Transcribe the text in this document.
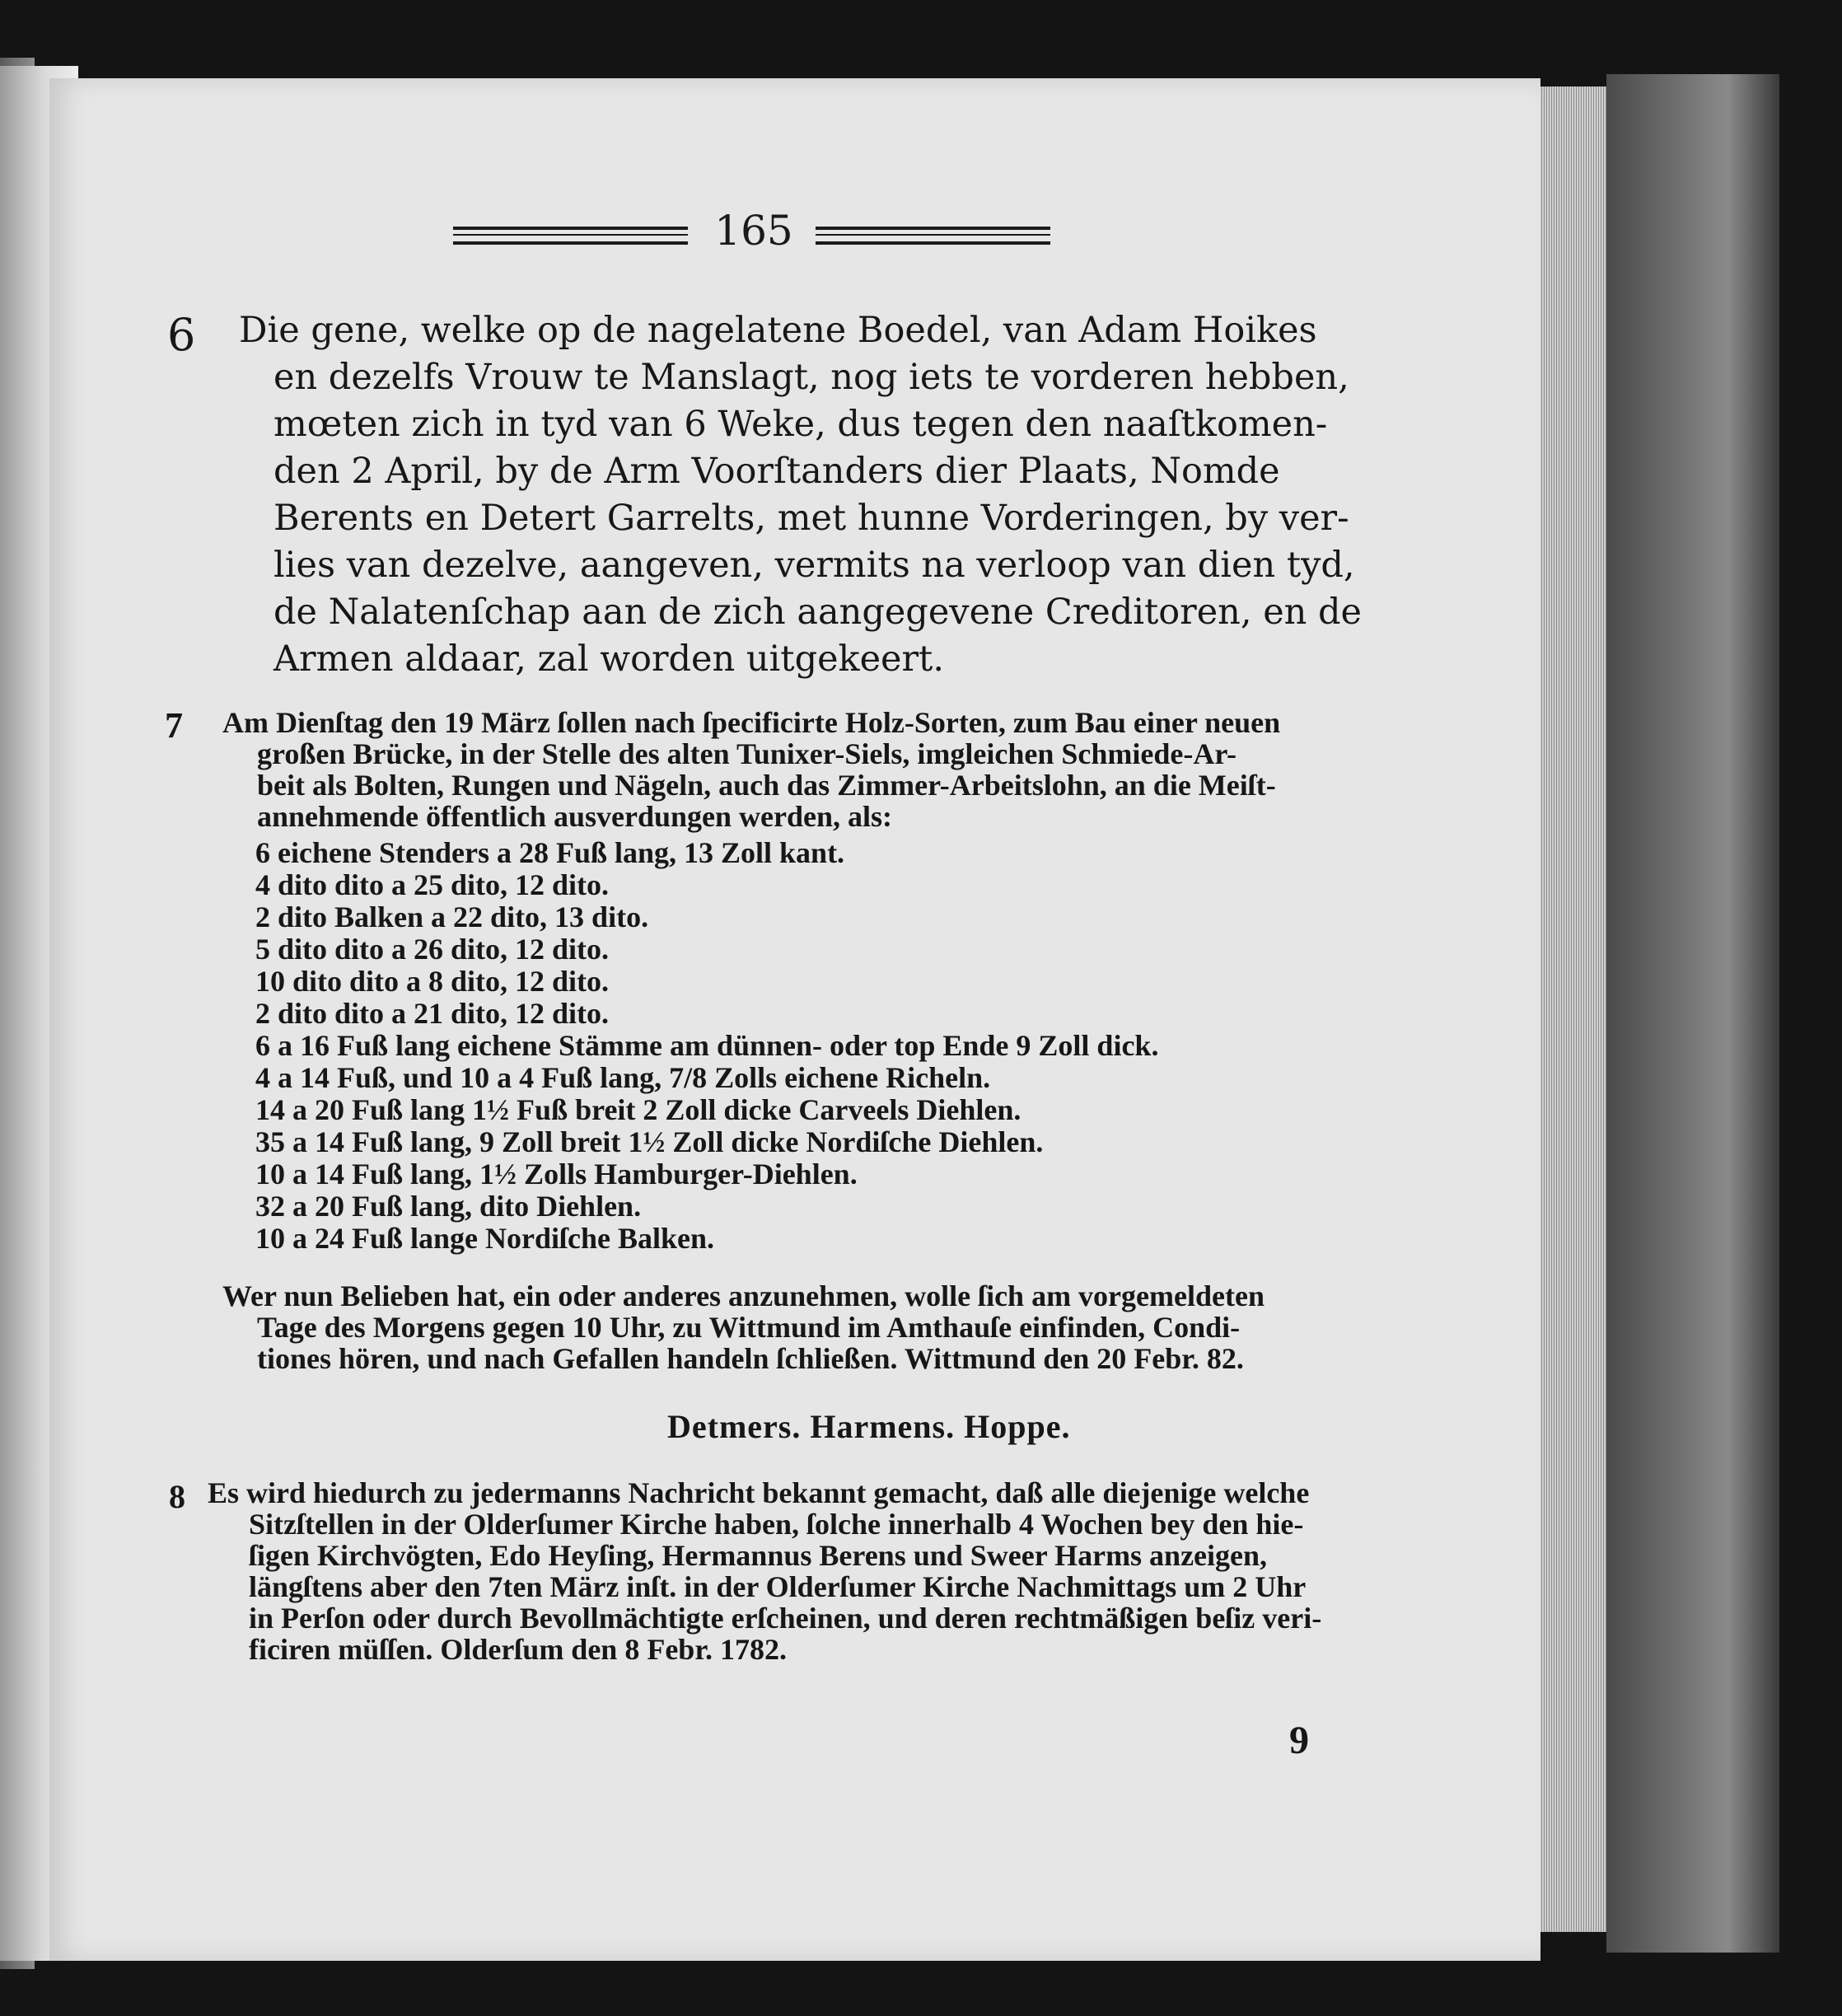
165
6 Die gene, welke op de nagelatene Boedel, van Adam Hoikes
en dezelfs Vrouw te Manslagt, nog iets te vorderen hebben,
mœten zich in tyd van 6 Weke, dus tegen den naaſtkomen-
den 2 April, by de Arm Voorſtanders dier Plaats, Nomde
Berents en Detert Garrelts, met hunne Vorderingen, by ver-
lies van dezelve, aangeven, vermits na verloop van dien tyd,
de Nalatenſchap aan de zich aangegevene Creditoren, en de
Armen aldaar, zal worden uitgekeert.
7 Am Dienſtag den 19 März ſollen nach ſpecificirte Holz-Sorten, zum Bau einer neuen
großen Brücke, in der Stelle des alten Tunixer-Siels, imgleichen Schmiede-Ar-
beit als Bolten, Rungen und Nägeln, auch das Zimmer-Arbeitslohn, an die Meiſt-
annehmende öffentlich ausverdungen werden, als:
6 eichene Stenders a 28 Fuß lang, 13 Zoll kant.
4 dito dito a 25 dito, 12 dito.
2 dito Balken a 22 dito, 13 dito.
5 dito dito a 26 dito, 12 dito.
10 dito dito a 8 dito, 12 dito.
2 dito dito a 21 dito, 12 dito.
6 a 16 Fuß lang eichene Stämme am dünnen- oder top Ende 9 Zoll dick.
4 a 14 Fuß, und 10 a 4 Fuß lang, 7/8 Zolls eichene Richeln.
14 a 20 Fuß lang 1½ Fuß breit 2 Zoll dicke Carveels Diehlen.
35 a 14 Fuß lang, 9 Zoll breit 1½ Zoll dicke Nordiſche Diehlen.
10 a 14 Fuß lang, 1½ Zolls Hamburger-Diehlen.
32 a 20 Fuß lang, dito Diehlen.
10 a 24 Fuß lange Nordiſche Balken.
Wer nun Belieben hat, ein oder anderes anzunehmen, wolle ſich am vorgemeldeten
Tage des Morgens gegen 10 Uhr, zu Wittmund im Amthauſe einfinden, Condi-
tiones hören, und nach Gefallen handeln ſchließen. Wittmund den 20 Febr. 82.
Detmers. Harmens. Hoppe.
8 Es wird hiedurch zu jedermanns Nachricht bekannt gemacht, daß alle diejenige welche
Sitzſtellen in der Olderſumer Kirche haben, ſolche innerhalb 4 Wochen bey den hie-
ſigen Kirchvögten, Edo Heyſing, Hermannus Berens und Sweer Harms anzeigen,
längſtens aber den 7ten März inſt. in der Olderſumer Kirche Nachmittags um 2 Uhr
in Perſon oder durch Bevollmächtigte erſcheinen, und deren rechtmäßigen beſiz veri-
ficiren müſſen. Olderſum den 8 Febr. 1782.
9
